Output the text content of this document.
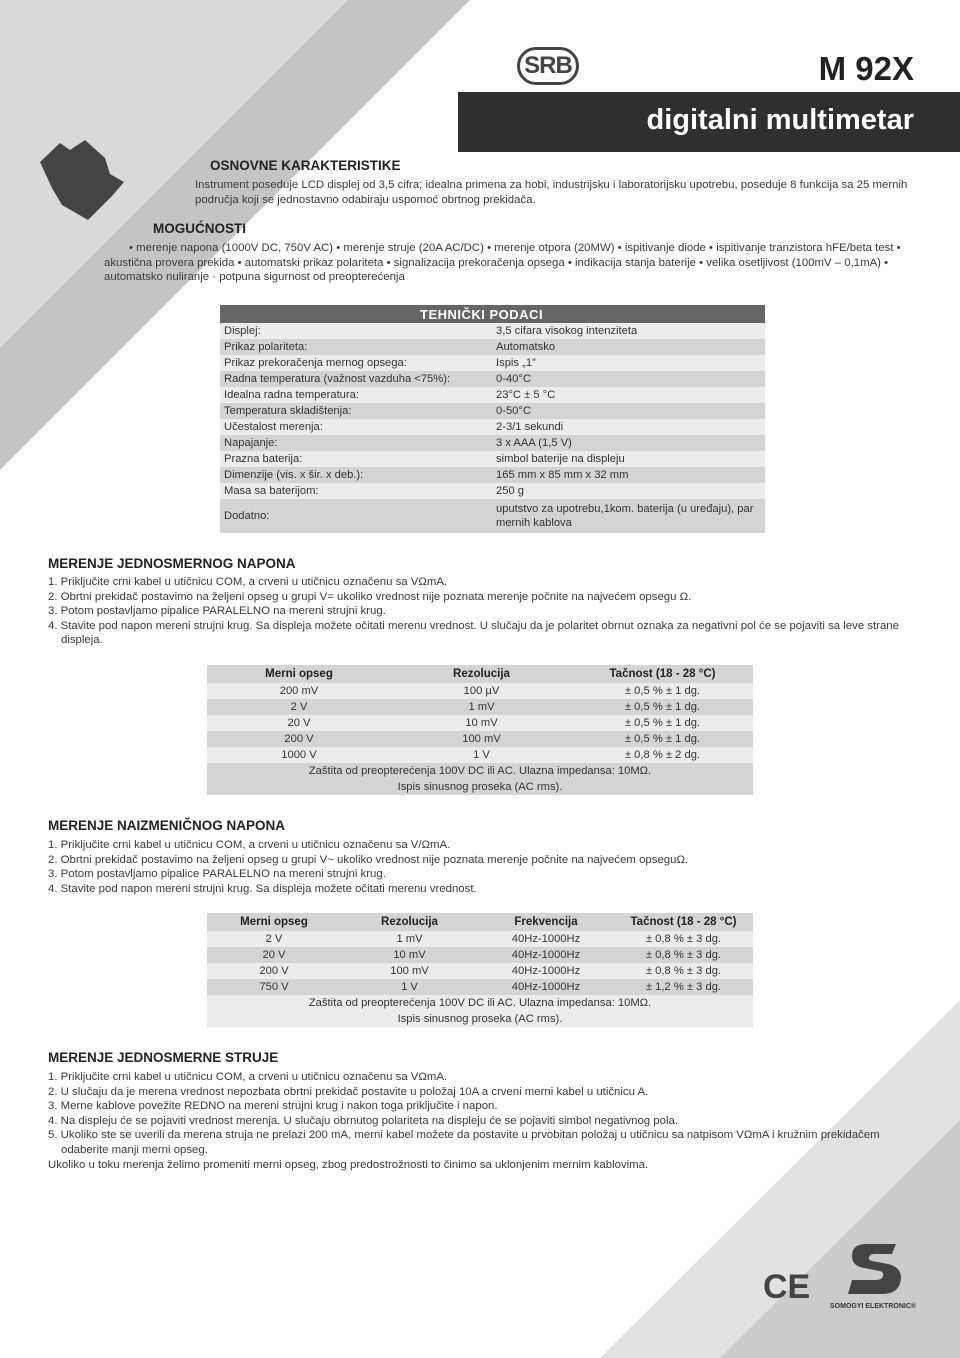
SRB	M 92X
digitalni multimetar
OSNOVNE KARAKTERISTIKE
Instrument poseduje LCD displej od 3,5 cifra; idealna primena za hobi, industrijsku i laboratorijsku upotrebu, poseduje 8 funkcija sa 25 mernih područja koji se jednostavno odabiraju uspomoć obrtnog prekidača.
MOGUĆNOSTI
• merenje napona (1000V DC, 750V AC) • merenje struje (20A AC/DC) • merenje otpora (20MW) • ispitivanje diode • ispitivanje tranzistora hFE/beta test • akustična provera prekida • automatski prikaz polariteta • signalizacija prekoračenja opsega • indikacija stanja baterije • velika osetljivost (100mV – 0,1mA) • automatsko nuliranje · potpuna sigurnost od preopterećenja
	TEHNIČKI PODACI
Displej:	3,5 cifara visokog intenziteta
Prikaz polariteta:	Automatsko
Prikaz prekoračenja mernog opsega:	Ispis „1”
Radna temperatura (važnost vazduha <75%):	0-40°C
Idealna radna temperatura:	23°C ± 5 °C
Temperatura skladištenja:	0-50°C
Učestalost merenja:	2-3/1 sekundi
Napajanje:	3 x AAA (1,5 V)
Prazna baterija:	simbol baterije na displeju
Dimenzije (vis. x šir. x deb.):	165 mm x 85 mm x 32 mm
Masa sa baterijom:	250 g
Dodatno:	uputstvo za upotrebu,1kom. baterija (u uređaju), par mernih kablova
MERENJE JEDNOSMERNOG NAPONA
1. Priključite crni kabel u utičnicu COM, a crveni u utičnicu označenu sa VΩmA.
2. Obrtni prekidač postavimo na željeni opseg u grupi V= ukoliko vrednost nije poznata merenje počnite na najvećem opsegu Ω.
3. Potom postavljamo pipalice PARALELNO na mereni strujni krug.
4. Stavite pod napon mereni strujni krug. Sa displeja možete očitati merenu vrednost. U slučaju da je polaritet obrnut oznaka za negativni pol će se pojaviti sa leve strane displeja.
Merni opseg	Rezolucija	Tačnost (18 - 28 °C)
200 mV	100 µV	± 0,5 % ± 1 dg.
2 V	1 mV	± 0,5 % ± 1 dg.
20 V	10 mV	± 0,5 % ± 1 dg.
200 V	100 mV	± 0,5 % ± 1 dg.
1000 V	1 V	± 0,8 % ± 2 dg.
Zaštita od preopterećenja 100V DC ili AC. Ulazna impedansa: 10MΩ.
Ispis sinusnog proseka (AC rms).		
MERENJE NAIZMENIČNOG NAPONA
1. Priključite crni kabel u utičnicu COM, a crveni u utičnicu označenu sa V/ΩmA.
2. Obrtni prekidač postavimo na željeni opseg u grupi V~ ukoliko vrednost nije poznata merenje počnite na najvećem opseguΩ.
3. Potom postavljamo pipalice PARALELNO na mereni strujni krug.
4. Stavite pod napon mereni strujni krug. Sa displeja možete očitati merenu vrednost.
Merni opseg	Rezolucija	Frekvencija	Tačnost (18 - 28 °C)
2 V	1 mV	40Hz-1000Hz	± 0,8 % ± 3 dg.
20 V	10 mV	40Hz-1000Hz	± 0,8 % ± 3 dg.
200 V	100 mV	40Hz-1000Hz	± 0,8 % ± 3 dg.
750 V	1 V	40Hz-1000Hz	± 1,2 % ± 3 dg.
Zaštita od preopterećenja 100V DC ili AC. Ulazna impedansa: 10MΩ.
Ispis sinusnog proseka (AC rms).			
MERENJE JEDNOSMERNE STRUJE
1. Priključite crni kabel u utičnicu COM, a crveni u utičnicu označenu sa VΩmA.
2. U slučaju da je merena vrednost nepozbata obrtni prekidač postavite u položaj 10A a crveni merni kabel u utičnicu A.
3. Merne kablove povežite REDNO na mereni strujni krug i nakon toga priključite i napon.
4. Na displeju će se pojaviti vrednost merenja. U slučaju obrnutog polariteta na displeju će se pojaviti simbol negativnog pola.
5. Ukoliko ste se uverili da merena struja ne prelazi 200 mA, merni kabel možete da postavite u prvobitan položaj u utičnicu sa natpisom VΩmA i kružnim prekidačem odaberite manji merni opseg.
Ukoliko u toku merenja želimo promeniti merni opseg, zbog predostrožnosti to činimo sa uklonjenim mernim kablovima.
CE
SOMOGYI ELEKTRONIC®
